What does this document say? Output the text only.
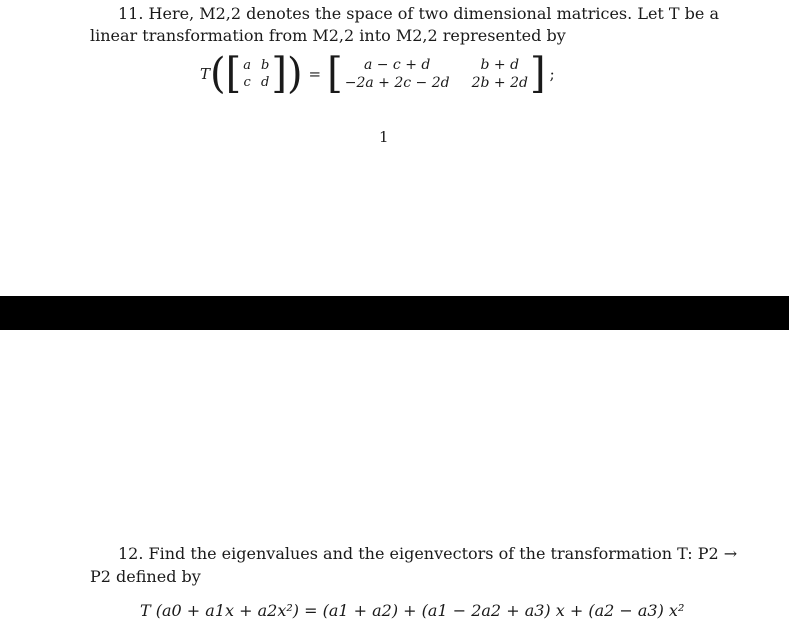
11. Here, M2,2 denotes the space of two dimensional matrices. Let T be a
linear transformation from M2,2 into M2,2 represented by
T ( [ a b
c d ] ) = [	a − c + d	b + d
−2a + 2c − 2d 2b + 2d ] ;
1
12. Find the eigenvalues and the eigenvectors of the transformation T: P2 →
P2 defined by
T (a0 + a1x + a2x²) = (a1 + a2) + (a1 − 2a2 + a3) x + (a2 − a3) x²
